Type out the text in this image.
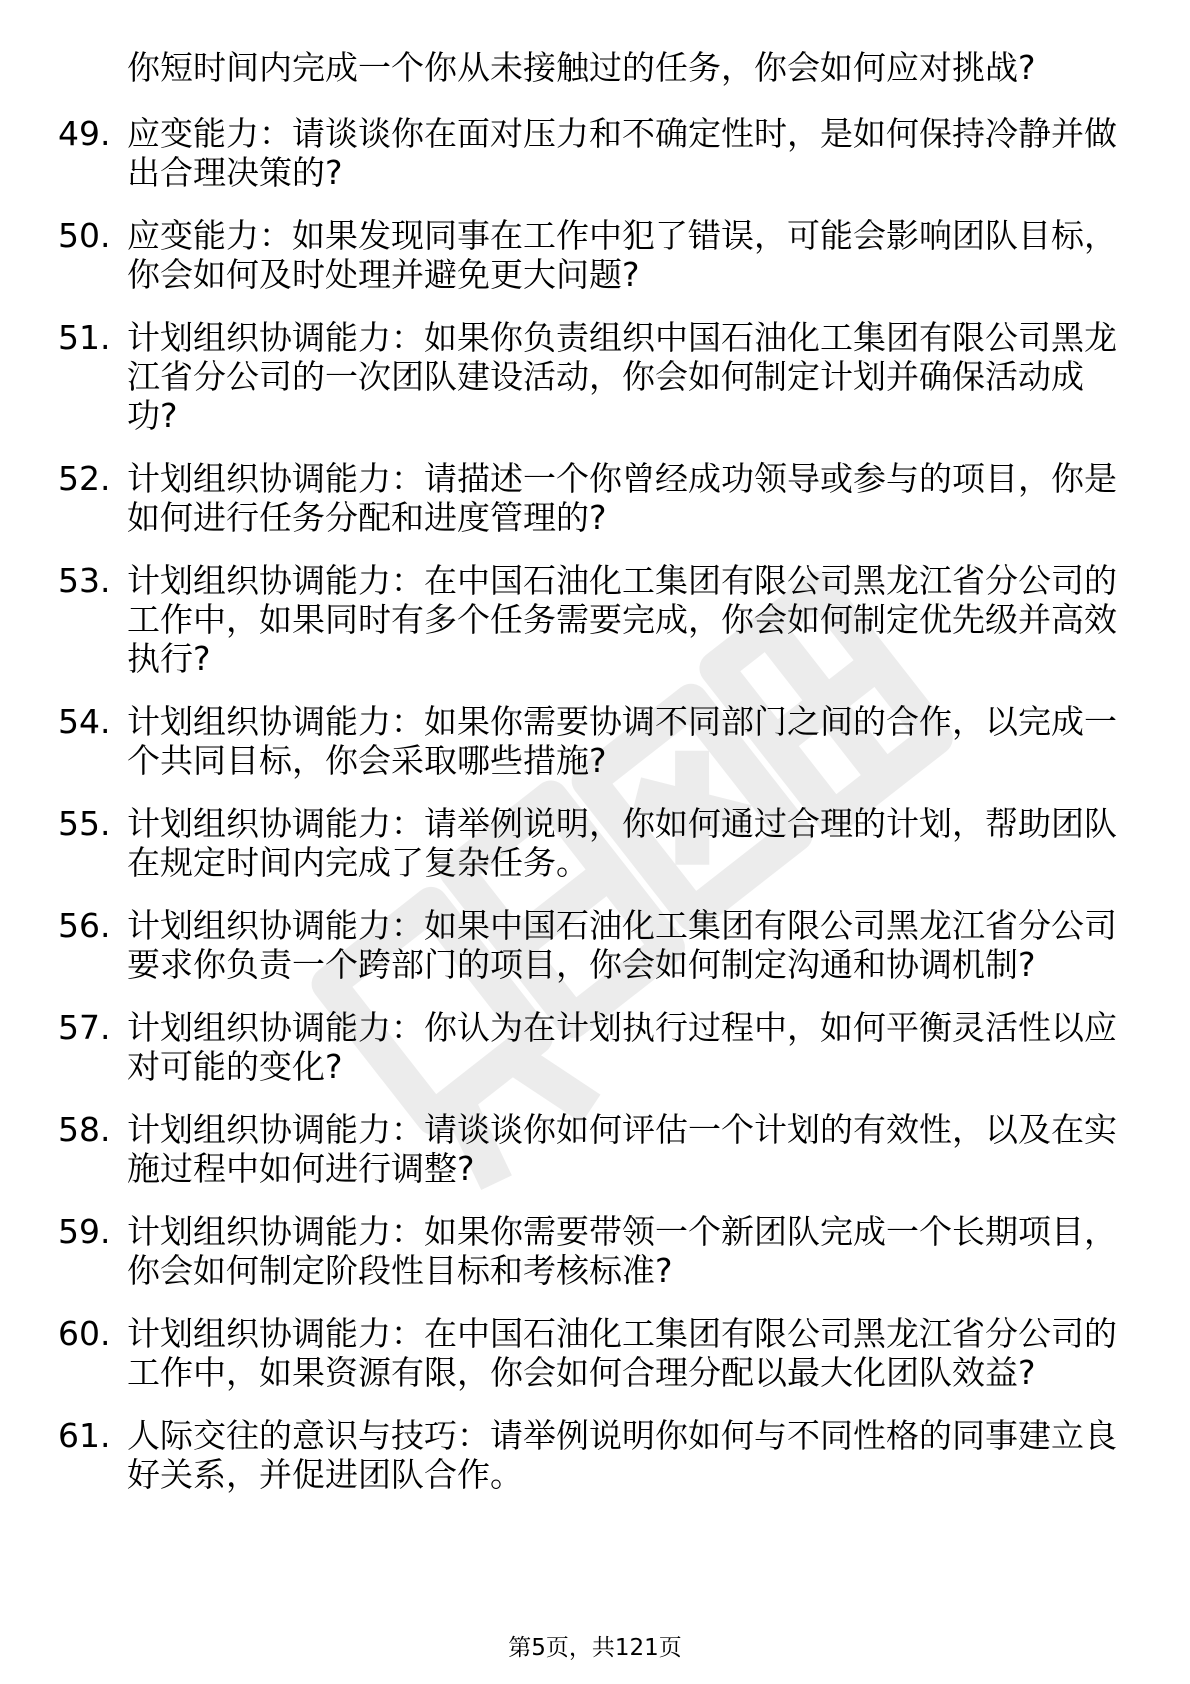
你短时间内完成一个你从未接触过的任务，你会如何应对挑战?
49. 应变能力：请谈谈你在面对压力和不确定性时，是如何保持冷静并做出合理决策的?
50. 应变能力：如果发现同事在工作中犯了错误，可能会影响团队目标，你会如何及时处理并避免更大问题?
51. 计划组织协调能力：如果你负责组织中国石油化工集团有限公司黑龙江省分公司的一次团队建设活动，你会如何制定计划并确保活动成功?
52. 计划组织协调能力：请描述一个你曾经成功领导或参与的项目，你是如何进行任务分配和进度管理的?
53. 计划组织协调能力：在中国石油化工集团有限公司黑龙江省分公司的工作中，如果同时有多个任务需要完成，你会如何制定优先级并高效执行?
54. 计划组织协调能力：如果你需要协调不同部门之间的合作，以完成一个共同目标，你会采取哪些措施?
55. 计划组织协调能力：请举例说明，你如何通过合理的计划，帮助团队在规定时间内完成了复杂任务。
56. 计划组织协调能力：如果中国石油化工集团有限公司黑龙江省分公司要求你负责一个跨部门的项目，你会如何制定沟通和协调机制?
57. 计划组织协调能力：你认为在计划执行过程中，如何平衡灵活性以应对可能的变化?
58. 计划组织协调能力：请谈谈你如何评估一个计划的有效性，以及在实施过程中如何进行调整?
59. 计划组织协调能力：如果你需要带领一个新团队完成一个长期项目，你会如何制定阶段性目标和考核标准?
60. 计划组织协调能力：在中国石油化工集团有限公司黑龙江省分公司的工作中，如果资源有限，你会如何合理分配以最大化团队效益?
61. 人际交往的意识与技巧：请举例说明你如何与不同性格的同事建立良好关系，并促进团队合作。
第5页，共121页
